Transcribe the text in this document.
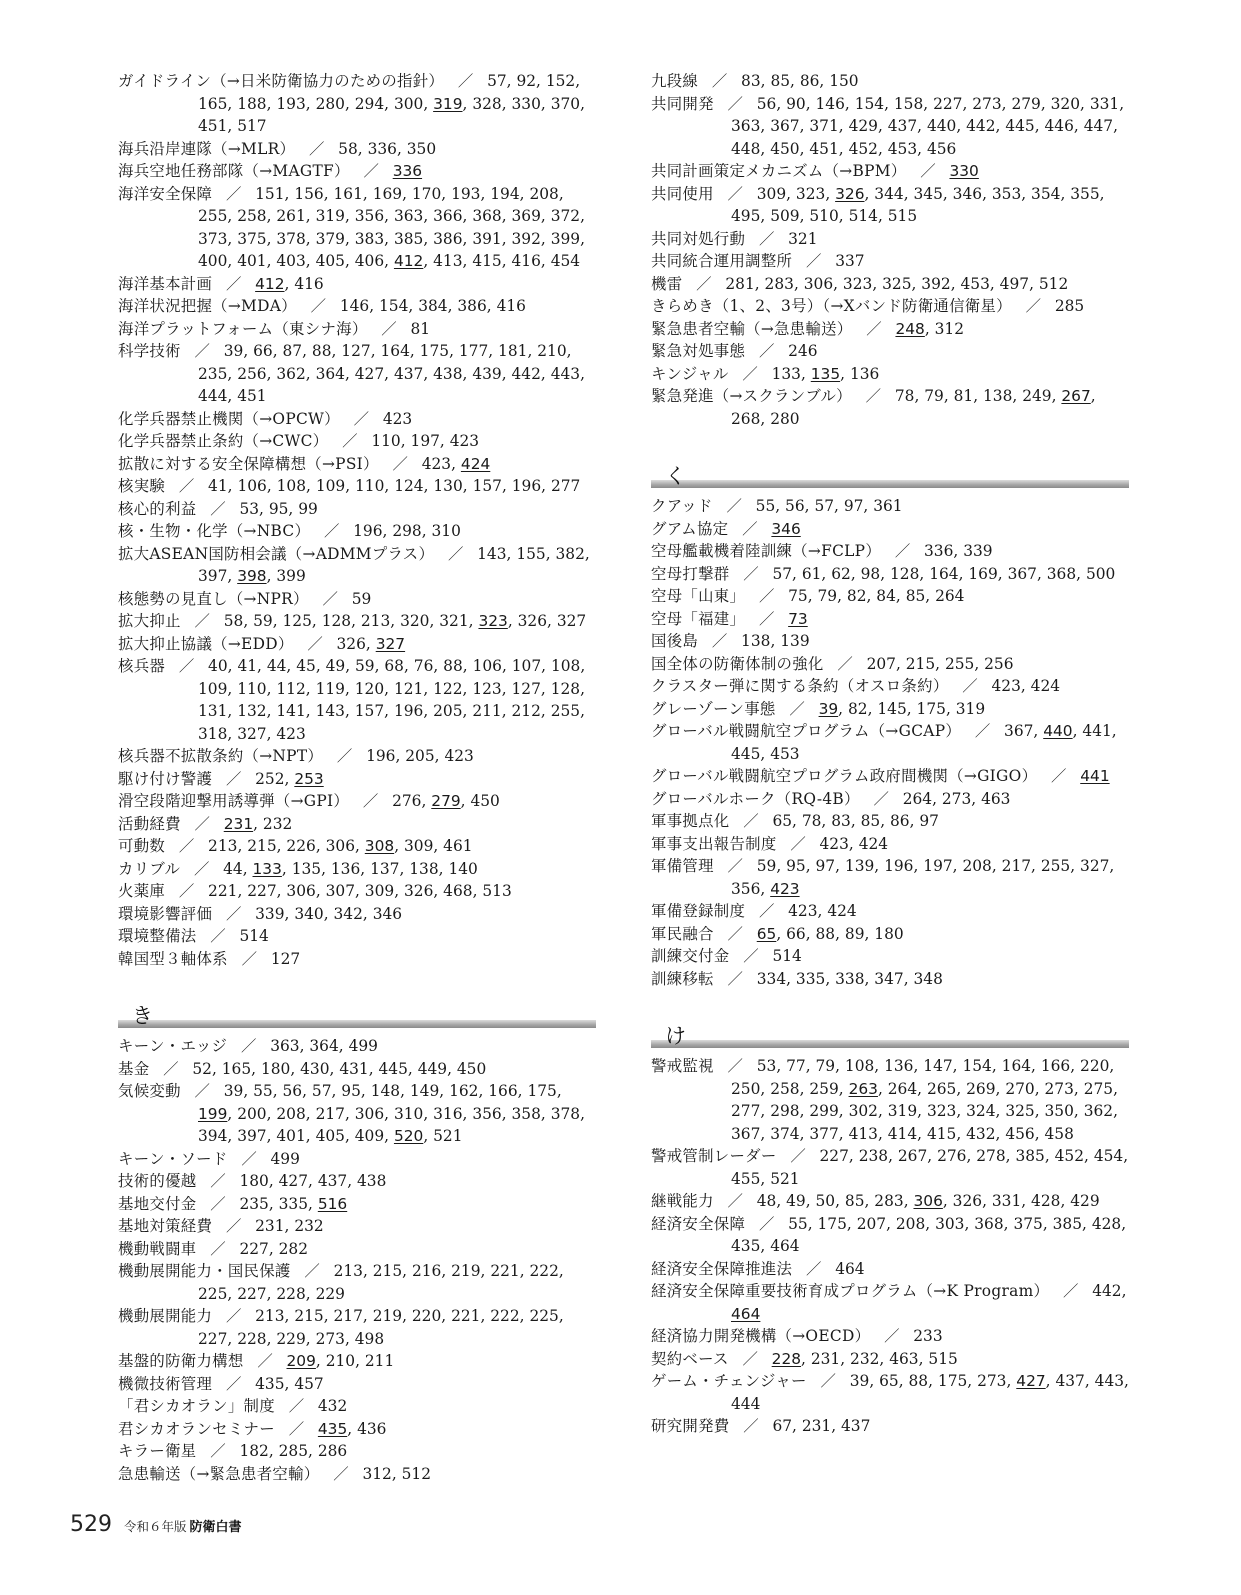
ガイドライン（→日米防衛協力のための指針）  ／  57, 92, 152, 165, 188, 193, 280, 294, 300, 319, 328, 330, 370, 451, 517
海兵沿岸連隊（→MLR）  ／  58, 336, 350
海兵空地任務部隊（→MAGTF）  ／  336
海洋安全保障  ／  151, 156, 161, 169, 170, 193, 194, 208, 255, 258, 261, 319, 356, 363, 366, 368, 369, 372, 373, 375, 378, 379, 383, 385, 386, 391, 392, 399, 400, 401, 403, 405, 406, 412, 413, 415, 416, 454
海洋基本計画  ／  412, 416
海洋状況把握（→MDA）  ／  146, 154, 384, 386, 416
海洋プラットフォーム（東シナ海）  ／  81
科学技術  ／  39, 66, 87, 88, 127, 164, 175, 177, 181, 210, 235, 256, 362, 364, 427, 437, 438, 439, 442, 443, 444, 451
化学兵器禁止機関（→OPCW）  ／  423
化学兵器禁止条約（→CWC）  ／  110, 197, 423
拡散に対する安全保障構想（→PSI）  ／  423, 424
核実験  ／  41, 106, 108, 109, 110, 124, 130, 157, 196, 277
核心的利益  ／  53, 95, 99
核・生物・化学（→NBC）  ／  196, 298, 310
拡大ASEAN国防相会議（→ADMMプラス）  ／  143, 155, 382, 397, 398, 399
核態勢の見直し（→NPR）  ／  59
拡大抑止  ／  58, 59, 125, 128, 213, 320, 321, 323, 326, 327
拡大抑止協議（→EDD）  ／  326, 327
核兵器  ／  40, 41, 44, 45, 49, 59, 68, 76, 88, 106, 107, 108, 109, 110, 112, 119, 120, 121, 122, 123, 127, 128, 131, 132, 141, 143, 157, 196, 205, 211, 212, 255, 318, 327, 423
核兵器不拡散条約（→NPT）  ／  196, 205, 423
駆け付け警護  ／  252, 253
滑空段階迎撃用誘導弾（→GPI）  ／  276, 279, 450
活動経費  ／  231, 232
可動数  ／  213, 215, 226, 306, 308, 309, 461
カリブル  ／  44, 133, 135, 136, 137, 138, 140
火薬庫  ／  221, 227, 306, 307, 309, 326, 468, 513
環境影響評価  ／  339, 340, 342, 346
環境整備法  ／  514
韓国型３軸体系  ／  127
き
キーン・エッジ  ／  363, 364, 499
基金  ／  52, 165, 180, 430, 431, 445, 449, 450
気候変動  ／  39, 55, 56, 57, 95, 148, 149, 162, 166, 175, 199, 200, 208, 217, 306, 310, 316, 356, 358, 378, 394, 397, 401, 405, 409, 520, 521
キーン・ソード  ／  499
技術的優越  ／  180, 427, 437, 438
基地交付金  ／  235, 335, 516
基地対策経費  ／  231, 232
機動戦闘車  ／  227, 282
機動展開能力・国民保護  ／  213, 215, 216, 219, 221, 222, 225, 227, 228, 229
機動展開能力  ／  213, 215, 217, 219, 220, 221, 222, 225, 227, 228, 229, 273, 498
基盤的防衛力構想  ／  209, 210, 211
機微技術管理  ／  435, 457
「君シカオラン」制度  ／  432
君シカオランセミナー  ／  435, 436
キラー衛星  ／  182, 285, 286
急患輸送（→緊急患者空輸）  ／  312, 512
九段線  ／  83, 85, 86, 150
共同開発  ／  56, 90, 146, 154, 158, 227, 273, 279, 320, 331, 363, 367, 371, 429, 437, 440, 442, 445, 446, 447, 448, 450, 451, 452, 453, 456
共同計画策定メカニズム（→BPM）  ／  330
共同使用  ／  309, 323, 326, 344, 345, 346, 353, 354, 355, 495, 509, 510, 514, 515
共同対処行動  ／  321
共同統合運用調整所  ／  337
機雷  ／  281, 283, 306, 323, 325, 392, 453, 497, 512
きらめき（1、2、3号）（→Xバンド防衛通信衛星）  ／  285
緊急患者空輸（→急患輸送）  ／  248, 312
緊急対処事態  ／  246
キンジャル  ／  133, 135, 136
緊急発進（→スクランブル）  ／  78, 79, 81, 138, 249, 267, 268, 280
く
クアッド  ／  55, 56, 57, 97, 361
グアム協定  ／  346
空母艦載機着陸訓練（→FCLP）  ／  336, 339
空母打撃群  ／  57, 61, 62, 98, 128, 164, 169, 367, 368, 500
空母「山東」  ／  75, 79, 82, 84, 85, 264
空母「福建」  ／  73
国後島  ／  138, 139
国全体の防衛体制の強化  ／  207, 215, 255, 256
クラスター弾に関する条約（オスロ条約）  ／  423, 424
グレーゾーン事態  ／  39, 82, 145, 175, 319
グローバル戦闘航空プログラム（→GCAP）  ／  367, 440, 441, 445, 453
グローバル戦闘航空プログラム政府間機関（→GIGO）  ／  441
グローバルホーク（RQ-4B）  ／  264, 273, 463
軍事拠点化  ／  65, 78, 83, 85, 86, 97
軍事支出報告制度  ／  423, 424
軍備管理  ／  59, 95, 97, 139, 196, 197, 208, 217, 255, 327, 356, 423
軍備登録制度  ／  423, 424
軍民融合  ／  65, 66, 88, 89, 180
訓練交付金  ／  514
訓練移転  ／  334, 335, 338, 347, 348
け
警戒監視  ／  53, 77, 79, 108, 136, 147, 154, 164, 166, 220, 250, 258, 259, 263, 264, 265, 269, 270, 273, 275, 277, 298, 299, 302, 319, 323, 324, 325, 350, 362, 367, 374, 377, 413, 414, 415, 432, 456, 458
警戒管制レーダー  ／  227, 238, 267, 276, 278, 385, 452, 454, 455, 521
継戦能力  ／  48, 49, 50, 85, 283, 306, 326, 331, 428, 429
経済安全保障  ／  55, 175, 207, 208, 303, 368, 375, 385, 428, 435, 464
経済安全保障推進法  ／  464
経済安全保障重要技術育成プログラム（→K Program）  ／  442, 464
経済協力開発機構（→OECD）  ／  233
契約ベース  ／  228, 231, 232, 463, 515
ゲーム・チェンジャー  ／  39, 65, 88, 175, 273, 427, 437, 443, 444
研究開発費  ／  67, 231, 437
529 令和６年版 防衛白書
